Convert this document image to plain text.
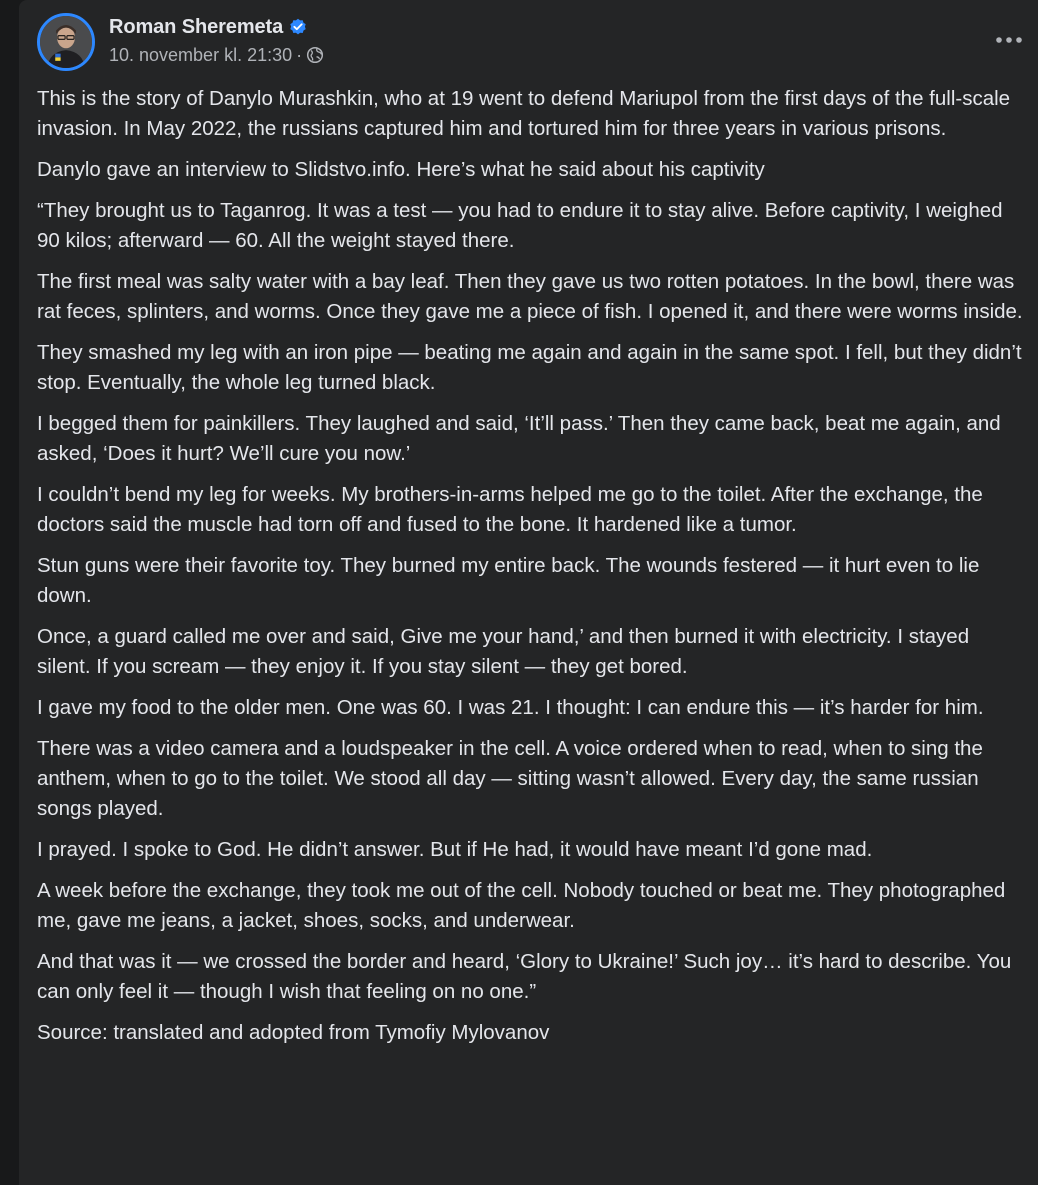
Roman Sheremeta
10. november kl. 21:30 ·

This is the story of Danylo Murashkin, who at 19 went to defend Mariupol from the first days of the full-scale invasion. In May 2022, the russians captured him and tortured him for three years in various prisons.

Danylo gave an interview to Slidstvo.info. Here’s what he said about his captivity

“They brought us to Taganrog. It was a test — you had to endure it to stay alive. Before captivity, I weighed 90 kilos; afterward — 60. All the weight stayed there.

The first meal was salty water with a bay leaf. Then they gave us two rotten potatoes. In the bowl, there was rat feces, splinters, and worms. Once they gave me a piece of fish. I opened it, and there were worms inside.

They smashed my leg with an iron pipe — beating me again and again in the same spot. I fell, but they didn’t stop. Eventually, the whole leg turned black.

I begged them for painkillers. They laughed and said, ‘It’ll pass.’ Then they came back, beat me again, and asked, ‘Does it hurt? We’ll cure you now.’

I couldn’t bend my leg for weeks. My brothers-in-arms helped me go to the toilet. After the exchange, the doctors said the muscle had torn off and fused to the bone. It hardened like a tumor.

Stun guns were their favorite toy. They burned my entire back. The wounds festered — it hurt even to lie down.

Once, a guard called me over and said, Give me your hand,’ and then burned it with electricity. I stayed silent. If you scream — they enjoy it. If you stay silent — they get bored.

I gave my food to the older men. One was 60. I was 21. I thought: I can endure this — it’s harder for him.

There was a video camera and a loudspeaker in the cell. A voice ordered when to read, when to sing the anthem, when to go to the toilet. We stood all day — sitting wasn’t allowed. Every day, the same russian songs played.

I prayed. I spoke to God. He didn’t answer. But if He had, it would have meant I’d gone mad.

A week before the exchange, they took me out of the cell. Nobody touched or beat me. They photographed me, gave me jeans, a jacket, shoes, socks, and underwear.

And that was it — we crossed the border and heard, ‘Glory to Ukraine!’ Such joy… it’s hard to describe. You can only feel it — though I wish that feeling on no one.”

Source: translated and adopted from Tymofiy Mylovanov
